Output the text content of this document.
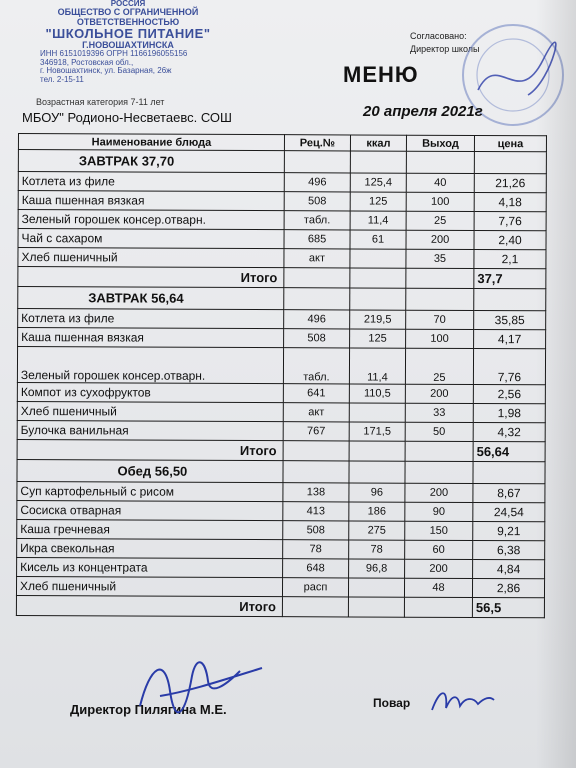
РОССИЯ
ОБЩЕСТВО С ОГРАНИЧЕННОЙ
ОТВЕТСТВЕННОСТЬЮ
"ШКОЛЬНОЕ ПИТАНИЕ"
Г.НОВОШАХТИНСКА
ИНН 6151019396 ОГРН 1166196055156
346918, Ростовская обл.,
г. Новошахтинск, ул. Базарная, 26ж
тел. 2-15-11
Согласовано:
Директор школы
МЕНЮ
Возрастная категория 7-11 лет
МБОУ" Родионо-Несветаевс. СОШ	20 апреля 2021г
Наименование блюда	Рец.№	ккал	Выход	цена
ЗАВТРАК 37,70				
Котлета из филе	496	125,4	40	21,26
Каша пшенная вязкая	508	125	100	4,18
Зеленый горошек консер.отварн.	табл.	11,4	25	7,76
Чай с сахаром	685	61	200	2,40
Хлеб пшеничный	акт		35	2,1
Итого				37,7
ЗАВТРАК 56,64				
Котлета из филе	496	219,5	70	35,85
Каша пшенная вязкая	508	125	100	4,17
Зеленый горошек консер.отварн.	табл.	11,4	25	7,76
Компот из сухофруктов	641	110,5	200	2,56
Хлеб пшеничный	акт		33	1,98
Булочка ванильная	767	171,5	50	4,32
Итого				56,64
Обед 56,50				
Суп картофельный с рисом	138	96	200	8,67
Сосиска отварная	413	186	90	24,54
Каша гречневая	508	275	150	9,21
Икра свекольная	78	78	60	6,38
Кисель из концентрата	648	96,8	200	4,84
Хлеб пшеничный	расп		48	2,86
Итого				56,5
Директор Пилягина М.Е.	Повар
